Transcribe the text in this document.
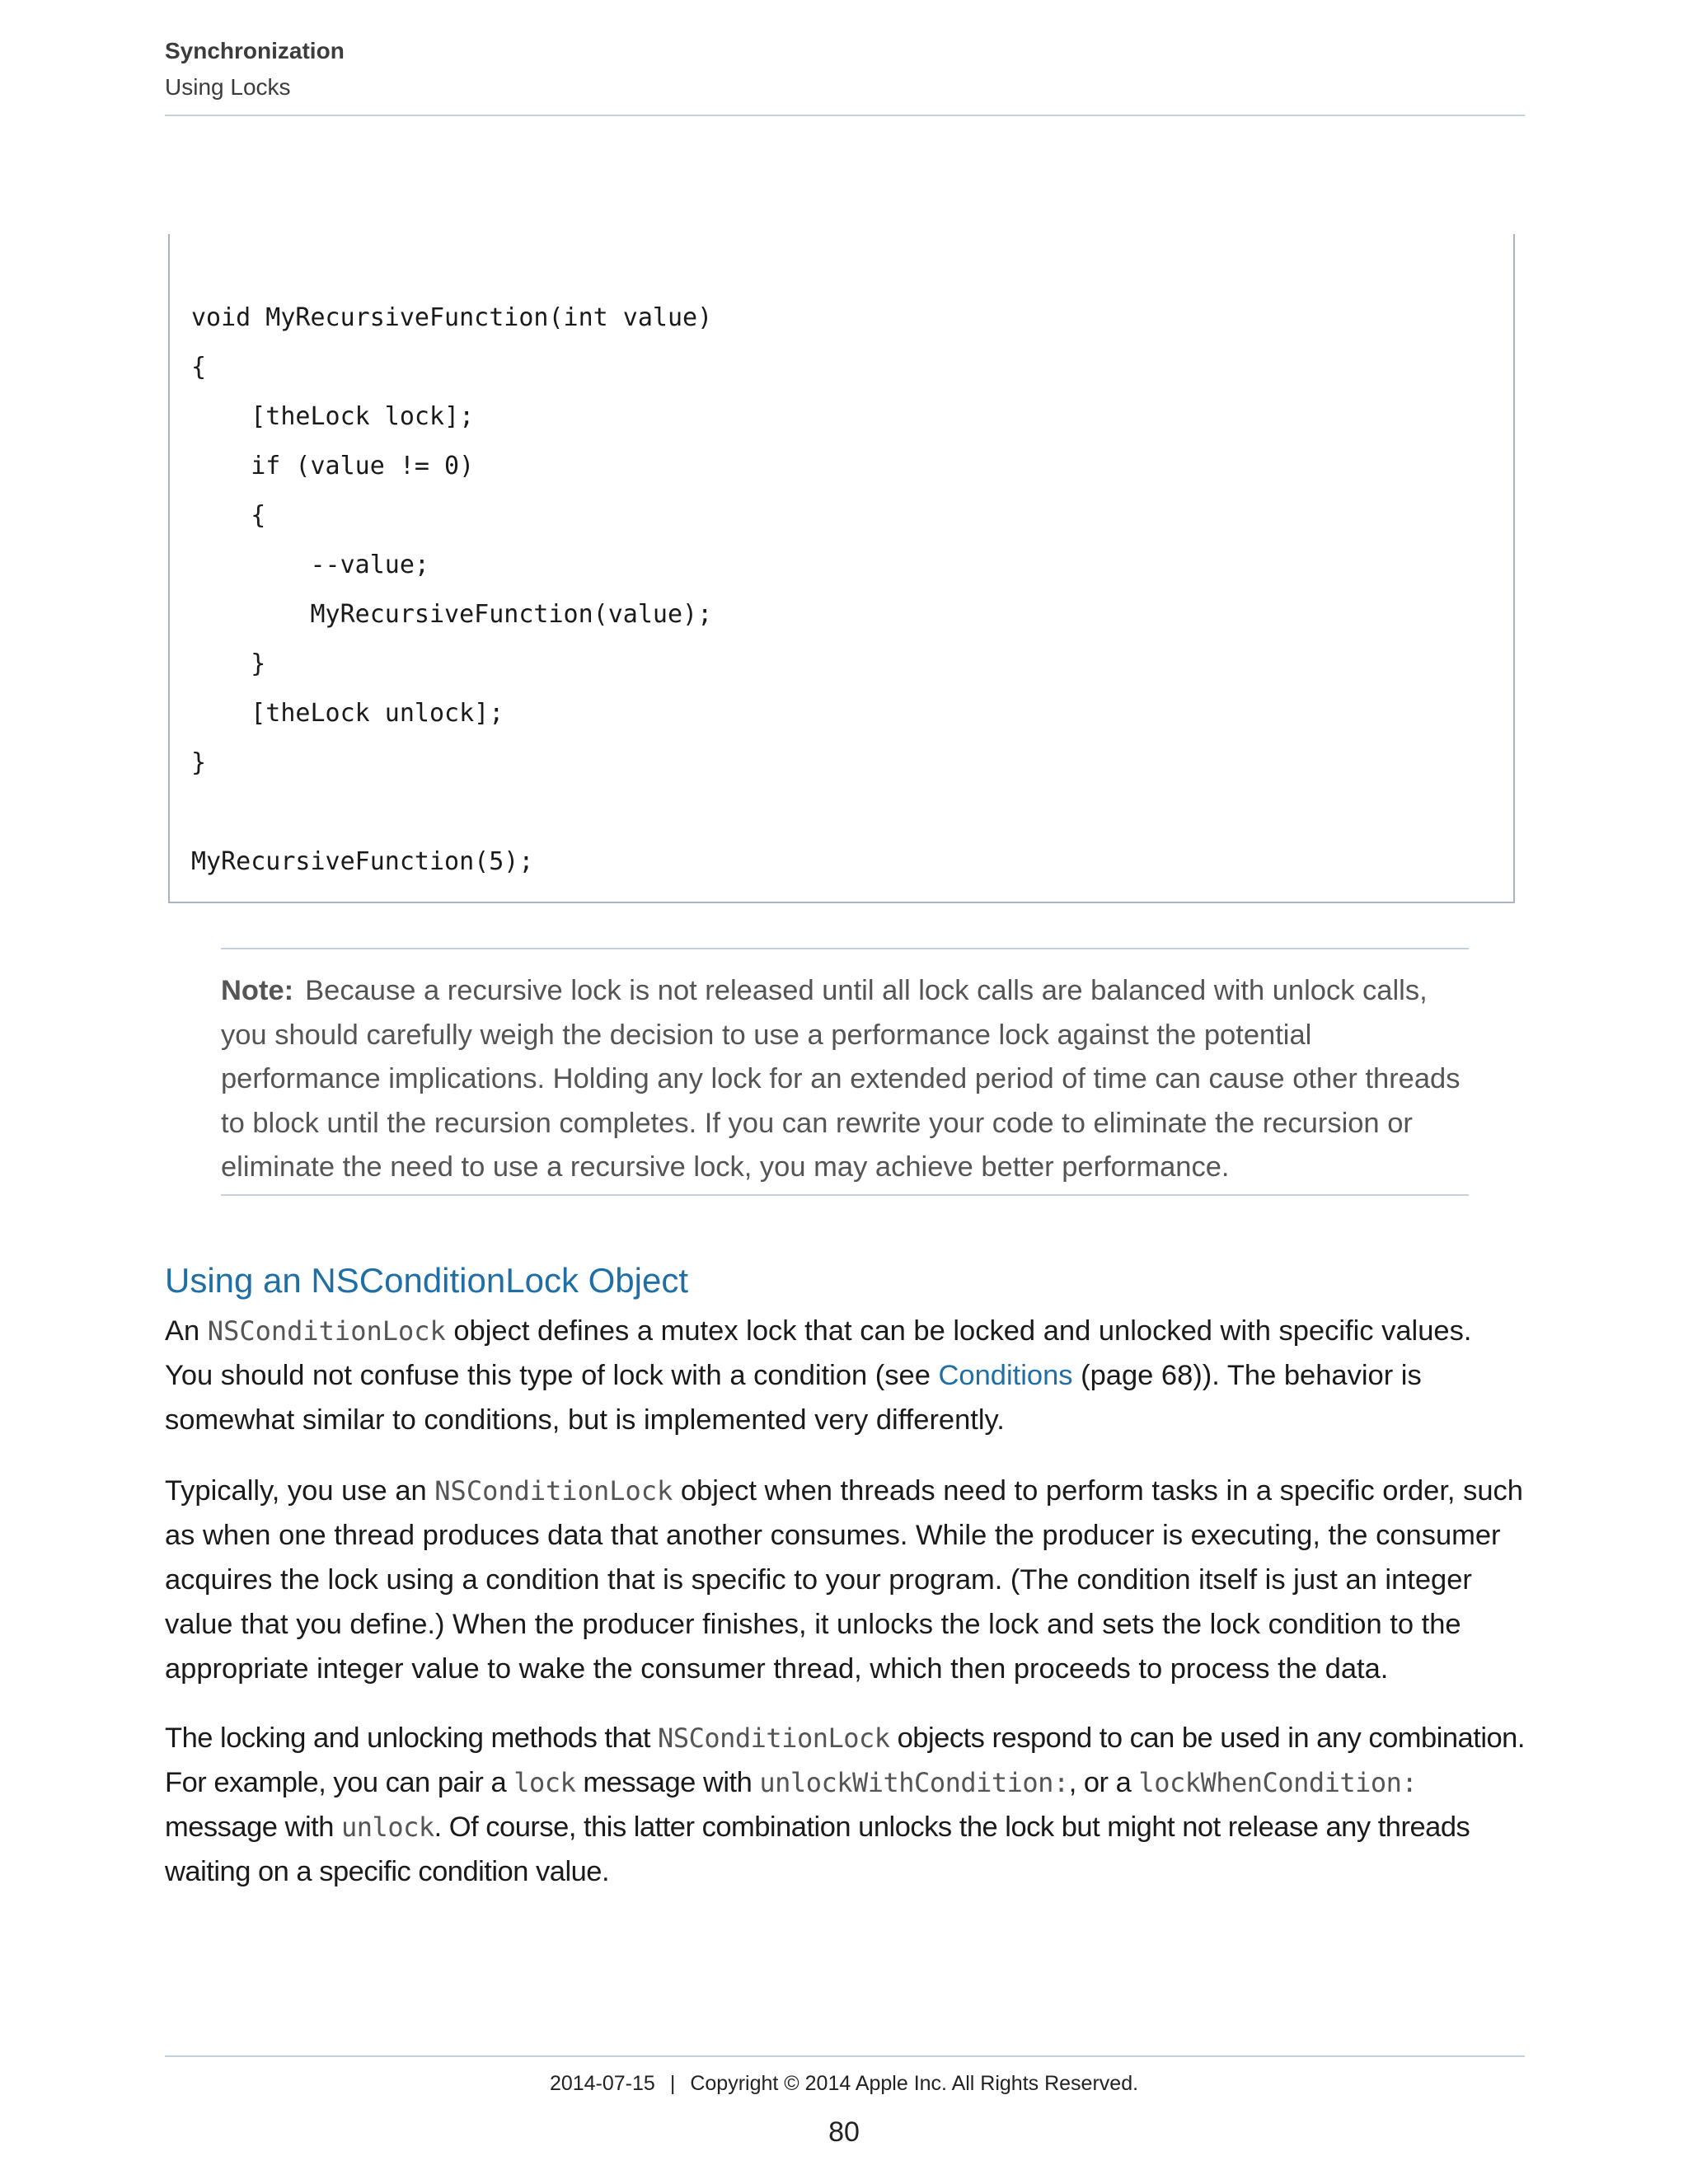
Synchronization
Using Locks
void MyRecursiveFunction(int value)
{
[theLock lock];
if (value != 0)
{
--value;
MyRecursiveFunction(value);
}
[theLock unlock];
}
MyRecursiveFunction(5);
Note: Because a recursive lock is not released until all lock calls are balanced with unlock calls, you should carefully weigh the decision to use a performance lock against the potential performance implications. Holding any lock for an extended period of time can cause other threads to block until the recursion completes. If you can rewrite your code to eliminate the recursion or eliminate the need to use a recursive lock, you may achieve better performance.
Using an NSConditionLock Object
An NSConditionLock object defines a mutex lock that can be locked and unlocked with specific values. You should not confuse this type of lock with a condition (see Conditions (page 68)). The behavior is somewhat similar to conditions, but is implemented very differently.
Typically, you use an NSConditionLock object when threads need to perform tasks in a specific order, such as when one thread produces data that another consumes. While the producer is executing, the consumer acquires the lock using a condition that is specific to your program. (The condition itself is just an integer value that you define.) When the producer finishes, it unlocks the lock and sets the lock condition to the appropriate integer value to wake the consumer thread, which then proceeds to process the data.
The locking and unlocking methods that NSConditionLock objects respond to can be used in any combination. For example, you can pair a lock message with unlockWithCondition:, or a lockWhenCondition: message with unlock. Of course, this latter combination unlocks the lock but might not release any threads waiting on a specific condition value.
2014-07-15 | Copyright © 2014 Apple Inc. All Rights Reserved.
80
